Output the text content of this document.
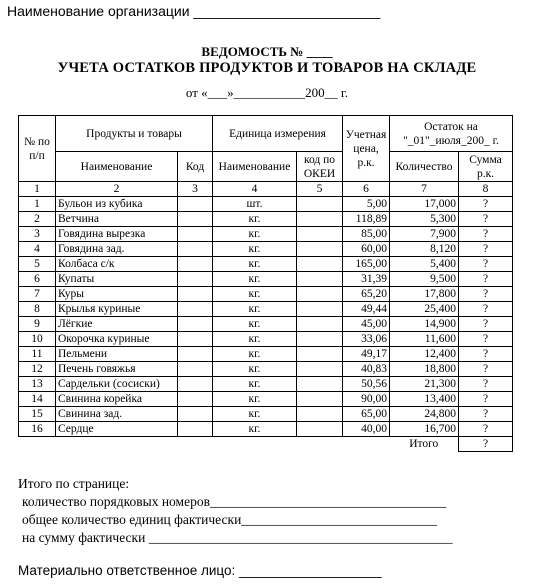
Наименование организации ________________________
ВЕДОМОСТЬ № ____
УЧЕТА ОСТАТКОВ ПРОДУКТОВ И ТОВАРОВ НА СКЛАДЕ
от «___»___________200__ г.
№ по п/п	Продукты и товары		Единица измерения		Учетная цена, р.к.	Остаток на "_01"_июля_200_ г.	
	Наименование	Код	Наименование	код по ОКЕИ		Количество	Сумма р.к.
1	2	3	4	5	6	7	8
1	Бульон из кубика		шт.		5,00	17,000	?
2	Ветчина		кг.		118,89	5,300	?
3	Говядина вырезка		кг.		85,00	7,900	?
4	Говядина зад.		кг.		60,00	8,120	?
5	Колбаса с/к		кг.		165,00	5,400	?
6	Купаты		кг.		31,39	9,500	?
7	Куры		кг.		65,20	17,800	?
8	Крылья куриные		кг.		49,44	25,400	?
9	Лёгкие		кг.		45,00	14,900	?
10	Окорочка куриные		кг.		33,06	11,600	?
11	Пельмени		кг.		49,17	12,400	?
12	Печень говяжья		кг.		40,83	18,800	?
13	Сардельки (сосиски)		кг.		50,56	21,300	?
14	Свинина корейка		кг.		90,00	13,400	?
15	Свинина зад.		кг.		65,00	24,800	?
16	Сердце		кг.		40,00	16,700	?
						Итого	?
Итого по странице:
количество порядковых номеров___________________________________
общее количество единиц фактически_____________________________
на сумму фактически _____________________________________________
Материально ответственное лицо: ___________________
